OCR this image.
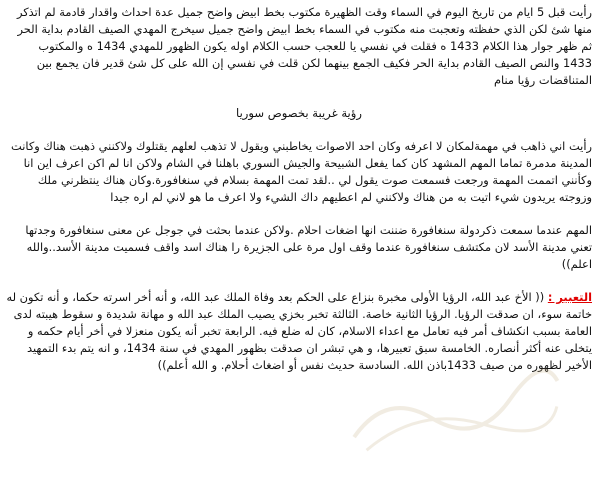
رأيت قبل 5 ايام من تاريخ اليوم في السماء وقت الظهيرة مكتوب بخط ابيض واضح جميل عدة احداث واقدار قادمة لم اتذكر منها شئ لكن الذي حفظته وتعجبت منه مكتوب في السماء بخط ابيض واضح جميل سيخرج المهدي الصيف القادم بداية الحر ثم ظهر جوار هذا الكلام 1433 ه فقلت في نفسي يا للعجب حسب الكلام اوله يكون الظهور للمهدي 1434 ه والمكتوب 1433 والنص الصيف القادم بداية الحر فكيف الجمع بينهما لكن قلت في نفسي إن الله على كل شئ قدير فان يجمع بين المتناقضات رؤيا منام

رؤية غريبة بخصوص سوريا

رأيت اني ذاهب في مهمةلمكان لا اعرفه وكان احد الاصوات يخاطبني ويقول لا تذهب لعلهم يقتلوك ولاكنني ذهبت هناك وكانت المدينة مدمرة تماما المهم المشهد كان كما يفعل الشبيحة والجيش السوري باهلنا في الشام ولاكن انا لم اكن اعرف اين انا وكأنني اتممت المهمة ورجعت فسمعت صوت يقول لي ..لقد تمت المهمة بسلام في سنغافورة.وكان هناك ينتظرني ملك وزوجته يريدون شيء اتيت به من هناك ولاكنني لم اعطيهم داك الشيء ولا اعرف ما هو لاني لم اره جيدا

المهم عندما سمعت ذكردولة سنغافورة ضننت انها اضغات احلام .ولاكن عندما بحثت في جوجل عن معنى سنغافورة وجدتها تعني مدينة الأسد لان مكتشف سنغافورة عندما وقف اول مرة على الجزيرة را هناك اسد واقف فسميت مدينة الأسد..والله اعلم))

التعبير : (( الأخ عبد الله، الرؤيا الأولى مخبرة بنزاع على الحكم بعد وفاة الملك عبد الله، و أنه أخر اسرته حكما، و أنه تكون له خاتمة سوء، ان صدقت الرؤيا. الرؤيا الثانية خاصة. الثالثة تخبر بخزي يصيب الملك عبد الله و مهانة شديدة و سقوط هيبته لدى العامة بسبب انكشاف أمر فيه تعامل مع اعداء الاسلام، كان له ضلع فيه. الرابعة تخبر أنه يكون منعزلا في أخر أيام حكمه و يتخلى عنه أكثر أنصاره. الخامسة سبق تعبيرها، و هي تبشر ان صدقت بظهور المهدي في سنة 1434، و انه يتم بدء التمهيد الأخير لظهوره من صيف 1433باذن الله. السادسة حديث نفس أو اضغاث أحلام. و الله أعلم))
